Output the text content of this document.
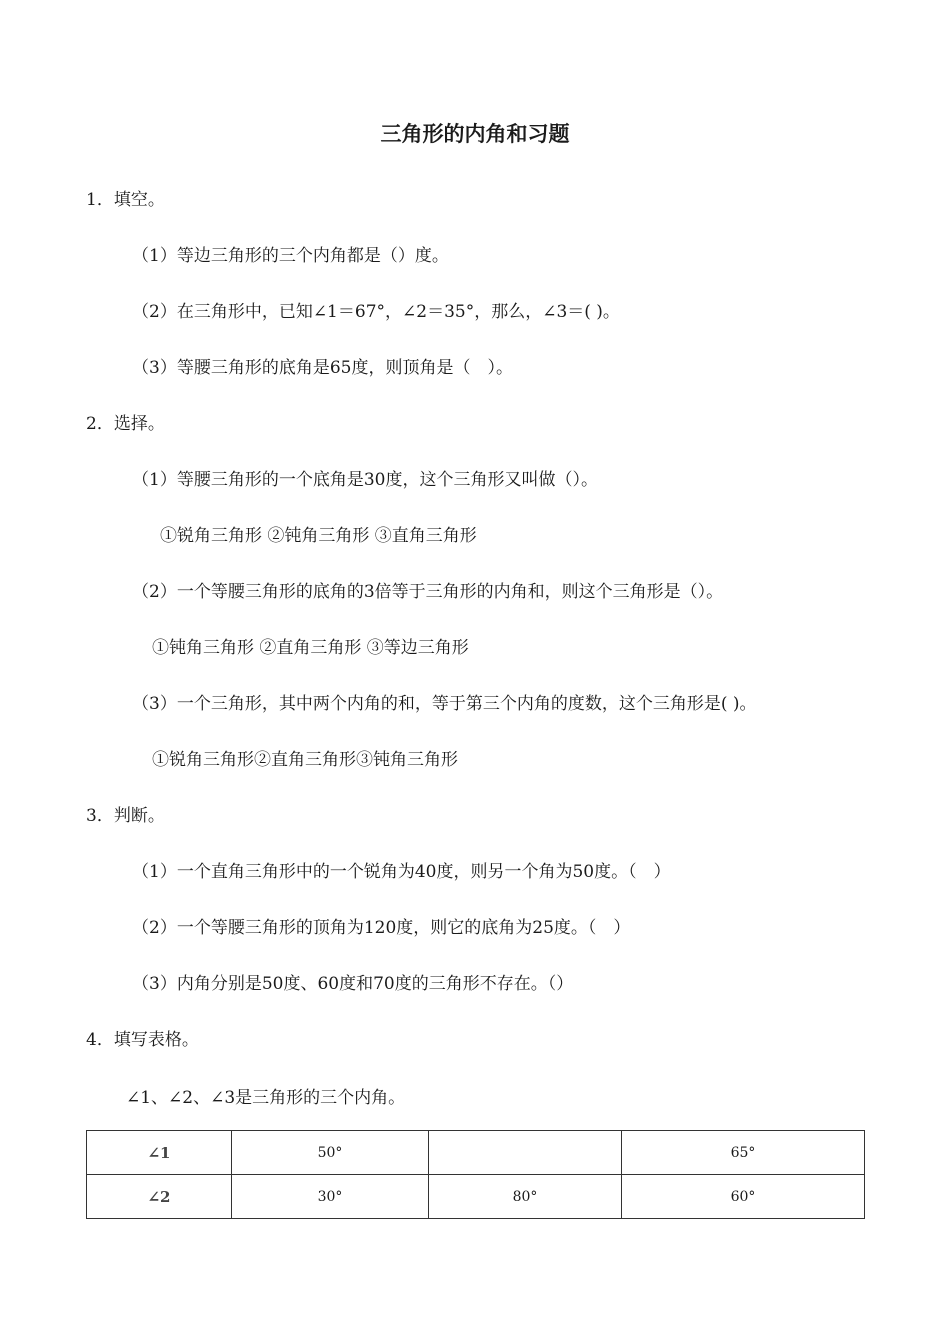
三角形的内角和习题
1．填空。
（1）等边三角形的三个内角都是（）度。
（2）在三角形中，已知∠1＝67°，∠2＝35°，那么，∠3＝( )。
（3）等腰三角形的底角是65度，则顶角是（　）。
2．选择。
（1）等腰三角形的一个底角是30度，这个三角形又叫做（）。
①锐角三角形 ②钝角三角形 ③直角三角形
（2）一个等腰三角形的底角的3倍等于三角形的内角和，则这个三角形是（）。
①钝角三角形 ②直角三角形 ③等边三角形
（3）一个三角形，其中两个内角的和，等于第三个内角的度数，这个三角形是( )。
①锐角三角形②直角三角形③钝角三角形
3．判断。
（1）一个直角三角形中的一个锐角为40度，则另一个角为50度。（　）
（2）一个等腰三角形的顶角为120度，则它的底角为25度。（　）
（3）内角分别是50度、60度和70度的三角形不存在。（）
4．填写表格。
∠1、∠2、∠3是三角形的三个内角。
∠1	50°		65°
∠2	30°	80°	60°
